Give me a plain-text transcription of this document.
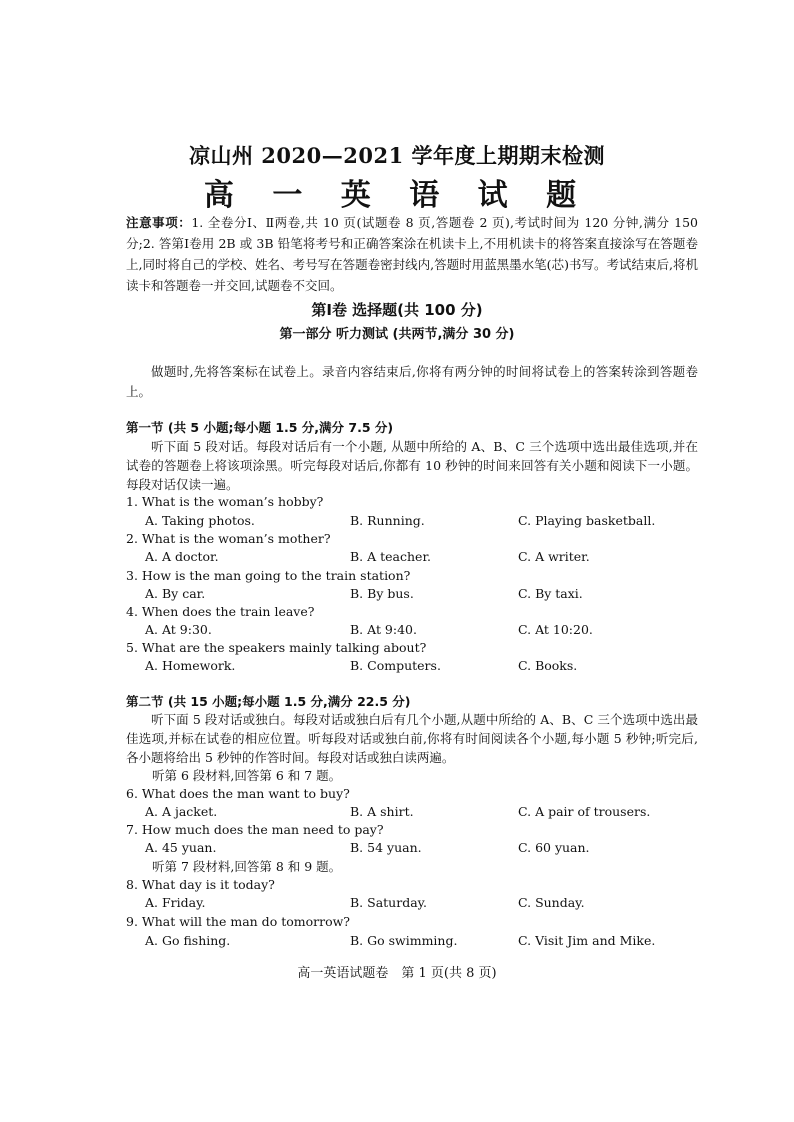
凉山州 2020—2021 学年度上期期末检测
高 一 英 语 试 题
注意事项：1. 全卷分Ⅰ、Ⅱ两卷,共 10 页(试题卷 8 页,答题卷 2 页),考试时间为 120 分钟,满分 150 分;2. 答第Ⅰ卷用 2B 或 3B 铅笔将考号和正确答案涂在机读卡上,不用机读卡的将答案直接涂写在答题卷上,同时将自己的学校、姓名、考号写在答题卷密封线内,答题时用蓝黑墨水笔(芯)书写。考试结束后,将机读卡和答题卷一并交回,试题卷不交回。
第Ⅰ卷 选择题(共 100 分)
第一部分 听力测试 (共两节,满分 30 分)
做题时,先将答案标在试卷上。录音内容结束后,你将有两分钟的时间将试卷上的答案转涂到答题卷上。
第一节 (共 5 小题;每小题 1.5 分,满分 7.5 分)
听下面 5 段对话。每段对话后有一个小题, 从题中所给的 A、B、C 三个选项中选出最佳选项,并在试卷的答题卷上将该项涂黑。听完每段对话后,你都有 10 秒钟的时间来回答有关小题和阅读下一小题。每段对话仅读一遍。
1. What is the woman’s hobby?
A. Taking photos.	B. Running.	C. Playing basketball.
2. What is the woman’s mother?
A. A doctor.	B. A teacher.	C. A writer.
3. How is the man going to the train station?
A. By car.	B. By bus.	C. By taxi.
4. When does the train leave?
A. At 9:30.	B. At 9:40.	C. At 10:20.
5. What are the speakers mainly talking about?
A. Homework.	B. Computers.	C. Books.
第二节 (共 15 小题;每小题 1.5 分,满分 22.5 分)
听下面 5 段对话或独白。每段对话或独白后有几个小题,从题中所给的 A、B、C 三个选项中选出最佳选项,并标在试卷的相应位置。听每段对话或独白前,你将有时间阅读各个小题,每小题 5 秒钟;听完后,各小题将给出 5 秒钟的作答时间。每段对话或独白读两遍。
听第 6 段材料,回答第 6 和 7 题。
6. What does the man want to buy?
A. A jacket.	B. A shirt.	C. A pair of trousers.
7. How much does the man need to pay?
A. 45 yuan.	B. 54 yuan.	C. 60 yuan.
听第 7 段材料,回答第 8 和 9 题。
8. What day is it today?
A. Friday.	B. Saturday.	C. Sunday.
9. What will the man do tomorrow?
A. Go fishing.	B. Go swimming.	C. Visit Jim and Mike.
高一英语试题卷　第 1 页(共 8 页)
